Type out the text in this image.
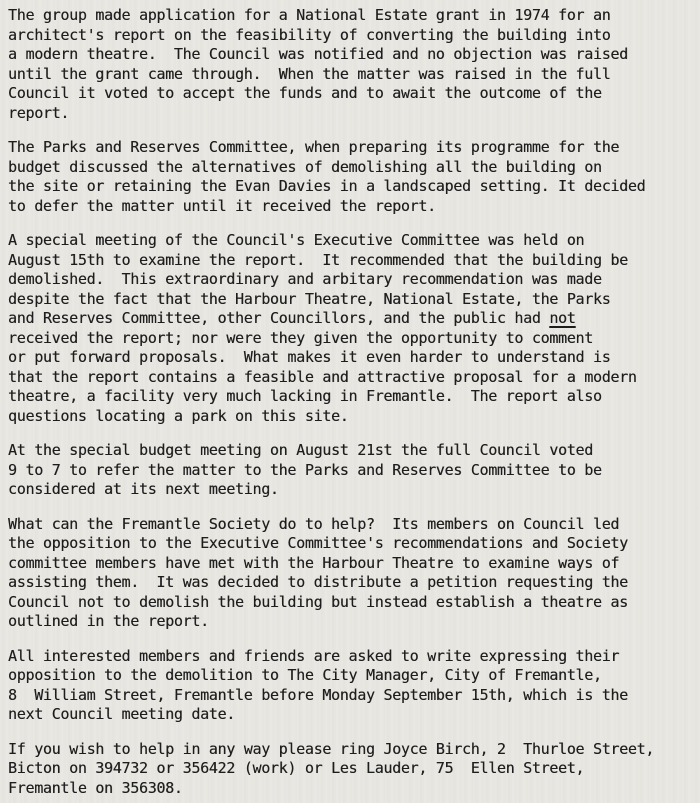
The group made application for a National Estate grant in 1974 for an
architect's report on the feasibility of converting the building into
a modern theatre.  The Council was notified and no objection was raised
until the grant came through.  When the matter was raised in the full
Council it voted to accept the funds and to await the outcome of the
report.
The Parks and Reserves Committee, when preparing its programme for the
budget discussed the alternatives of demolishing all the building on
the site or retaining the Evan Davies in a landscaped setting. It decided
to defer the matter until it received the report.
A special meeting of the Council's Executive Committee was held on
August 15th to examine the report.  It recommended that the building be
demolished.  This extraordinary and arbitary recommendation was made
despite the fact that the Harbour Theatre, National Estate, the Parks
and Reserves Committee, other Councillors, and the public had not
received the report; nor were they given the opportunity to comment
or put forward proposals.  What makes it even harder to understand is
that the report contains a feasible and attractive proposal for a modern
theatre, a facility very much lacking in Fremantle.  The report also
questions locating a park on this site.
At the special budget meeting on August 21st the full Council voted
9 to 7 to refer the matter to the Parks and Reserves Committee to be
considered at its next meeting.
What can the Fremantle Society do to help?  Its members on Council led
the opposition to the Executive Committee's recommendations and Society
committee members have met with the Harbour Theatre to examine ways of
assisting them.  It was decided to distribute a petition requesting the
Council not to demolish the building but instead establish a theatre as
outlined in the report.
All interested members and friends are asked to write expressing their
opposition to the demolition to The City Manager, City of Fremantle,
8  William Street, Fremantle before Monday September 15th, which is the
next Council meeting date.
If you wish to help in any way please ring Joyce Birch, 2  Thurloe Street,
Bicton on 394732 or 356422 (work) or Les Lauder, 75  Ellen Street,
Fremantle on 356308.
